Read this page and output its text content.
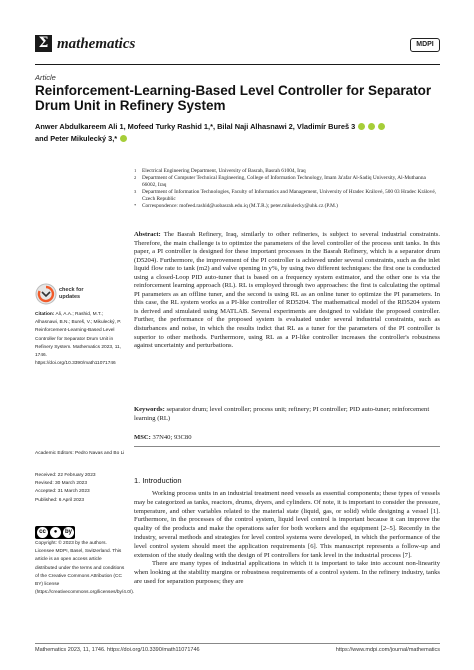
Σ mathematics	MDPI
Article
Reinforcement-Learning-Based Level Controller for Separator Drum Unit in Refinery System
Anwer Abdulkareem Ali 1, Mofeed Turky Rashid 1,*, Bilal Naji Alhasnawi 2, Vladimír Bureš 3
and Peter Mikulecký 3,*
1 Electrical Engineering Department, University of Basrah, Basrah 61004, Iraq
2 Department of Computer Technical Engineering, College of Information Technology, Imam Ja'afar Al-Sadiq University, Al-Muthanna 66002, Iraq
3 Department of Information Technologies, Faculty of Informatics and Management, University of Hradec Králové, 500 03 Hradec Králové, Czech Republic
* Correspondence: mofeed.rashid@uobasrah.edu.iq (M.T.R.); peter.mikulecky@uhk.cz (P.M.)
Abstract: The Basrah Refinery, Iraq, similarly to other refineries, is subject to several industrial constraints. Therefore, the main challenge is to optimize the parameters of the level controller of the process unit tanks. In this paper, a PI controller is designed for these important processes in the Basrah Refinery, which is a separator drum (D5204). Furthermore, the improvement of the PI controller is achieved under several constraints, such as the inlet liquid flow rate to tank (m2) and valve opening in y%, by using two different techniques: the first one is conducted using a closed-Loop PID auto-tuner that is based on a frequency system estimator, and the other one is via the reinforcement learning approach (RL). RL is employed through two approaches: the first is calculating the optimal PI parameters as an offline tuner, and the second is using RL as an online tuner to optimize the PI parameters. In this case, the RL system works as a PI-like controller of RD5204. The mathematical model of the RD5204 system is derived and simulated using MATLAB. Several experiments are designed to validate the proposed controller. Further, the performance of the proposed system is evaluated under several industrial constraints, such as disturbances and noise, in which the results indict that RL as a tuner for the parameters of the PI controller is superior to other methods. Furthermore, using RL as a PI-like controller increases the controller's robustness against uncertainty and perturbations.
Keywords: separator drum; level controller; process unit; refinery; PI controller; PID auto-tuner; reinforcement learning (RL)
MSC: 37N40; 93C80
check for
updates
Citation: Ali, A.A.; Rashid, M.T.; Alhasnawi, B.N.; Bureš, V.; Mikulecký, P. Reinforcement-Learning-Based Level Controller for Separator Drum Unit in Refinery System. Mathematics 2023, 11, 1746. https://doi.org/10.3390/math11071746
Academic Editors: Pedro Navas and Bo Li
Received: 22 February 2023
Revised: 30 March 2023
Accepted: 31 March 2023
Published: 6 April 2023
cc	●	by
Copyright: © 2023 by the authors. Licensee MDPI, Basel, Switzerland. This article is an open access article distributed under the terms and conditions of the Creative Commons Attribution (CC BY) license (https://creativecommons.org/licenses/by/4.0/).
1. Introduction

Working process units in an industrial treatment need vessels as essential components; these types of vessels may be categorized as tanks, reactors, drums, dryers, and cylinders. Of note, it is important to consider the pressure, temperature, and other variables related to the material state (liquid, gas, or solid) while designing a vessel [1]. Furthermore, in the processes of the control system, liquid level control is important because it can improve the quality of the products and make the operations safer for both workers and the equipment [2–5]. Recently in the industry, several methods and strategies for level control systems were developed, in which the performance of the level control system should meet the application requirements [6]. This manuscript represents a follow-up and extension of the study dealing with the design of PI controllers for tank level in the industrial process [7].

There are many types of industrial applications in which it is important to take into account non-linearity when looking at the stability margins or robustness requirements of a control system. In the refinery industry, tanks are used for separation purposes; they are

Mathematics 2023, 11, 1746. https://doi.org/10.3390/math11071746	https://www.mdpi.com/journal/mathematics
